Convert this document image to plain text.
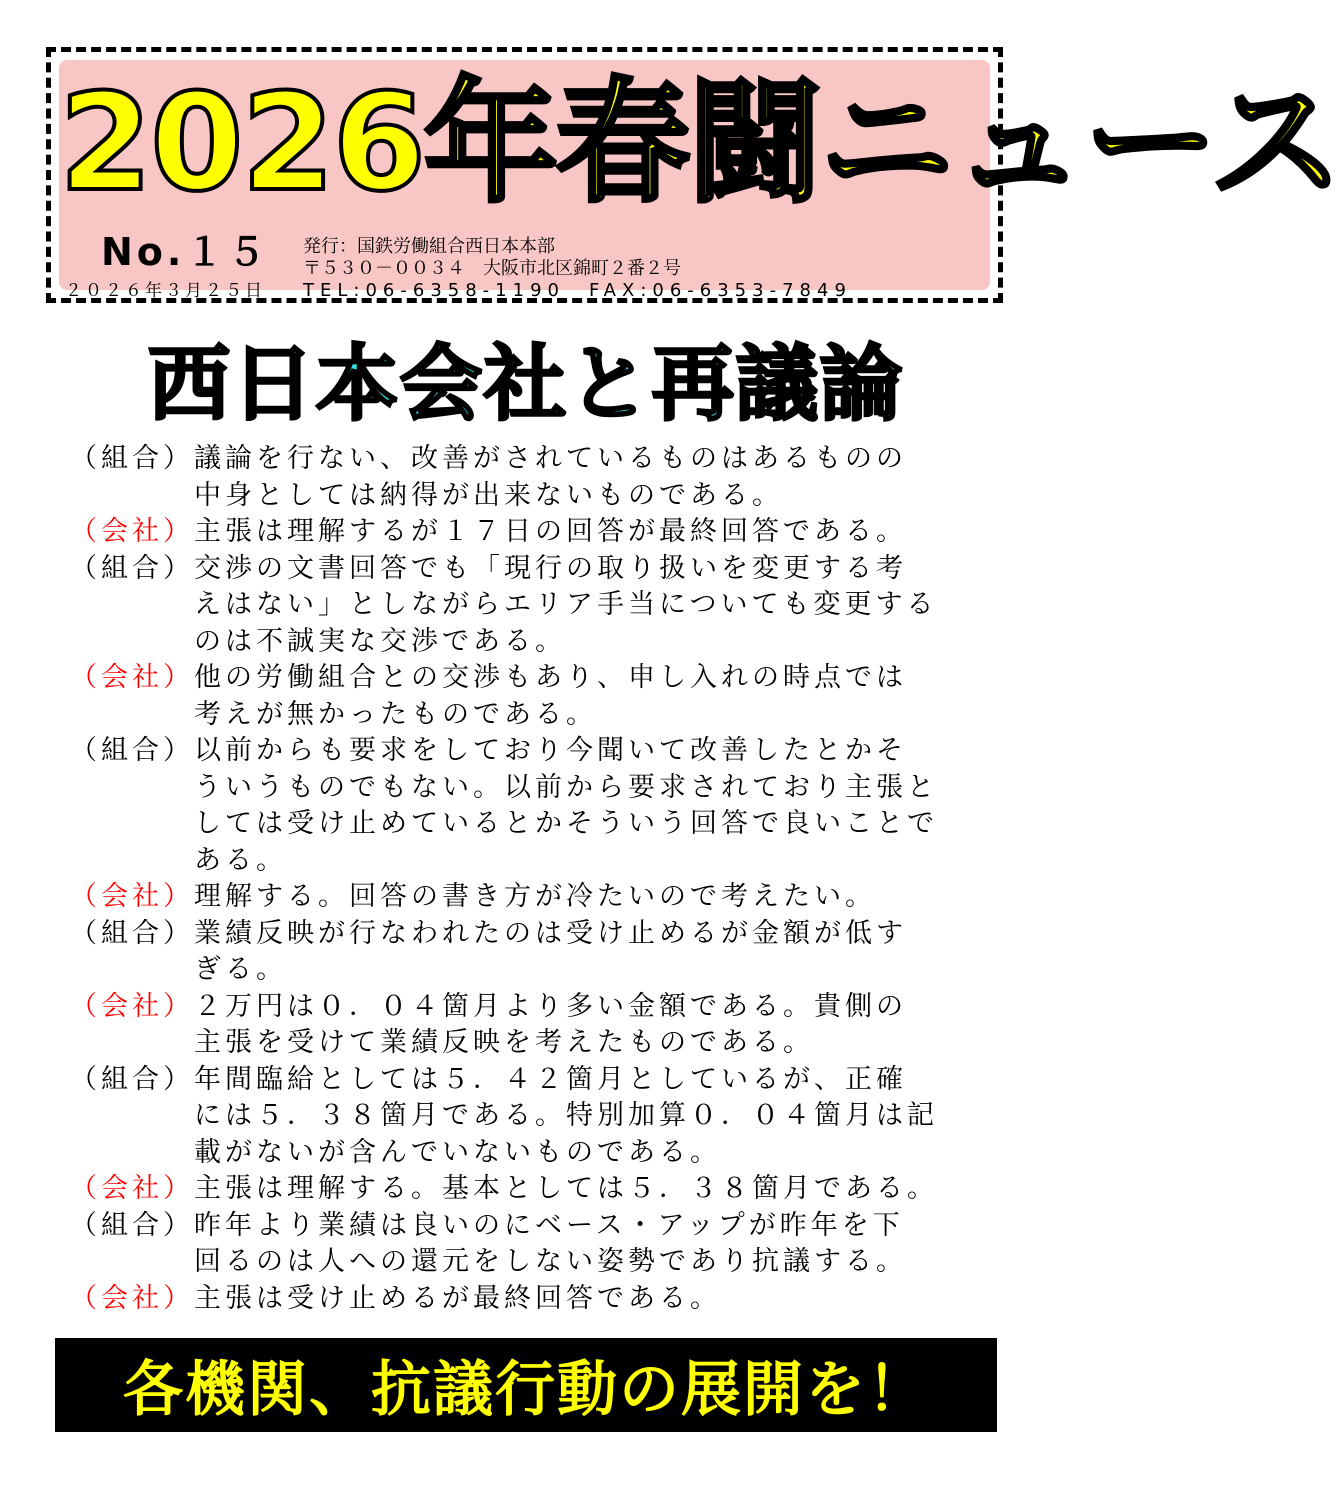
2026年春闘ニュース
No.１５
２０２６年３月２５日
発行：国鉄労働組合西日本本部
〒５３０－００３４　大阪市北区錦町２番２号
TEL:06-6358-1190　FAX:06-6353-7849
西日本会社と再議論
（組合） 議論を行ない、改善がされているものはあるものの
中身としては納得が出来ないものである。
（会社） 主張は理解するが１７日の回答が最終回答である。
（組合） 交渉の文書回答でも「現行の取り扱いを変更する考
えはない」としながらエリア手当についても変更する
のは不誠実な交渉である。
（会社） 他の労働組合との交渉もあり、申し入れの時点では
考えが無かったものである。
（組合） 以前からも要求をしており今聞いて改善したとかそ
ういうものでもない。以前から要求されており主張と
しては受け止めているとかそういう回答で良いことで
ある。
（会社） 理解する。回答の書き方が冷たいので考えたい。
（組合） 業績反映が行なわれたのは受け止めるが金額が低す
ぎる。
（会社） ２万円は０．０４箇月より多い金額である。貴側の
主張を受けて業績反映を考えたものである。
（組合） 年間臨給としては５．４２箇月としているが、正確
には５．３８箇月である。特別加算０．０４箇月は記
載がないが含んでいないものである。
（会社） 主張は理解する。基本としては５．３８箇月である。
（組合） 昨年より業績は良いのにベース・アップが昨年を下
回るのは人への還元をしない姿勢であり抗議する。
（会社） 主張は受け止めるが最終回答である。
各機関、抗議行動の展開を！
